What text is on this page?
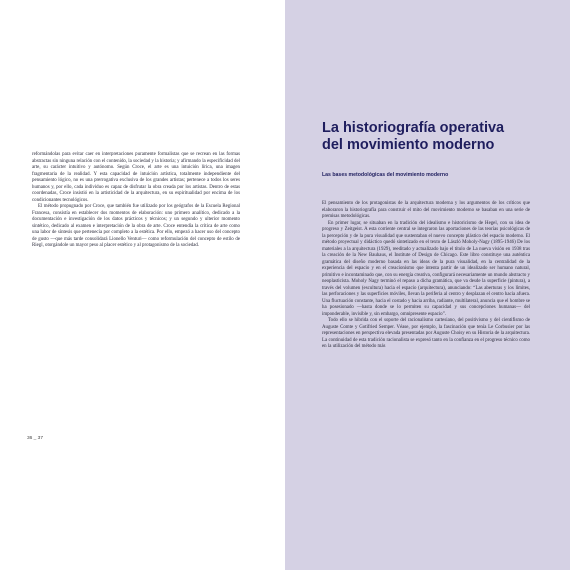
reformándolas para evitar caer en interpretaciones puramente formalistas que se recrean en las formas abstractas sin ninguna relación con el contenido, la sociedad y la historia; y afirmando la especificidad del arte, su carácter intuitivo y autónomo. Según Croce, el arte es una intuición lírica, una imagen fragmentaria de la realidad. Y esta capacidad de intuición artística, totalmente independiente del pensamiento lógico, no es una prerrogativa exclusiva de los grandes artistas; pertenece a todos los seres humanos y, por ello, cada individuo es capaz de disfrutar la obra creada por los artistas. Dentro de estas coordenadas, Croce insistió en la artisticidad de la arquitectura, en su espiritualidad por encima de los condicionantes tecnológicos.

El método propugnado por Croce, que también fue utilizado por los geógrafos de la Escuela Regional Francesa, consistía en establecer dos momentos de elaboración: uno primero analítico, dedicado a la documentación e investigación de los datos prácticos y técnicos; y un segundo y ulterior momento sintético, dedicado al examen e interpretación de la obra de arte. Croce entendía la crítica de arte como una labor de síntesis que pertenecía por completo a la estética. Por ello, empezó a hacer uso del concepto de gusto —que más tarde consolidará Lionello Venturi— como reformulación del concepto de estilo de Riegl, otorgándole un mayor peso al placer estético y al protagonismo de la sociedad.

36 _ 37
La historiografía operativa
del movimiento moderno
Las bases metodológicas del movimiento moderno

El pensamiento de los protagonistas de la arquitectura moderna y los argumentos de los críticos que elaboraron la historiografía para construir el mito del movimiento moderno se basaban en una serie de premisas metodológicas.

En primer lugar, se situaban en la tradición del idealismo e historicismo de Hegel, con su idea de progreso y Zeitgeist. A esta corriente central se integraron las aportaciones de las teorías psicológicas de la percepción y de la pura visualidad que sustentaban el nuevo concepto plástico del espacio moderno. El método proyectual y didáctico quedó sintetizado en el texto de László Moholy-Nagy (1895-1946) De los materiales a la arquitectura (1929), reeditado y actualizado bajo el título de La nueva visión en 1938 tras la creación de la New Bauhaus, el Institute of Design de Chicago. Este libro constituye una auténtica gramática del diseño moderno basada en las ideas de la pura visualidad, en la centralidad de la experiencia del espacio y en el creacionismo que intenta partir de un idealizado ser humano natural, primitivo e incontaminado que, con su energía creativa, configurará necesariamente un mundo abstracto y neoplasticista. Moholy Nagy terminó el repaso a dicha gramática, que va desde la superficie (pintura), a través del volumen (escultura) hacia el espacio (arquitectura), anunciando: “Las aberturas y los límites, las perforaciones y las superficies móviles, llevan la periferia al centro y desplazan el centro hacia afuera. Una fluctuación constante, hacia el costado y hacia arriba, radiante, multilateral, anuncia que el hombre se ha posesionado —hasta donde se lo permiten su capacidad y sus concepciones humanas— del imponderable, invisible y, sin embargo, omnipresente espacio”.

Todo ello se hibrida con el soporte del racionalismo cartesiano, del positivismo y del cientifismo de Auguste Comte y Gotifried Semper. Véase, por ejemplo, la fascinación que tenía Le Corbusier por las representaciones en perspectiva elevada presentadas por Auguste Choisy en su Historia de la arquitectura. La continuidad de esta tradición racionalista se expresó tanto en la confianza en el progreso técnico como en la utilización del método más
